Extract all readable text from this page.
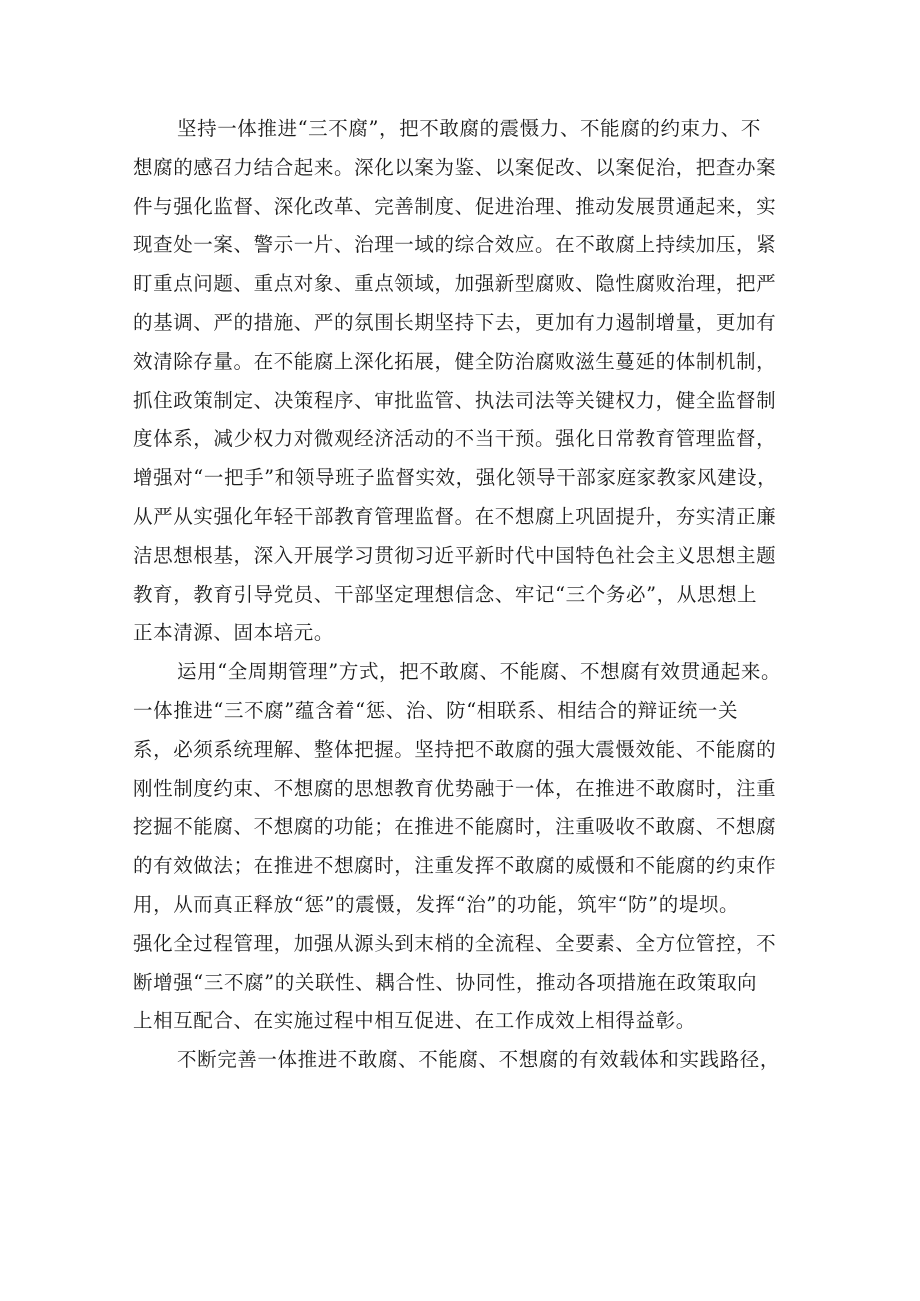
坚持一体推进“三不腐”，把不敢腐的震慑力、不能腐的约束力、不
想腐的感召力结合起来。深化以案为鉴、以案促改、以案促治，把查办案
件与强化监督、深化改革、完善制度、促进治理、推动发展贯通起来，实
现查处一案、警示一片、治理一域的综合效应。在不敢腐上持续加压，紧
盯重点问题、重点对象、重点领域，加强新型腐败、隐性腐败治理，把严
的基调、严的措施、严的氛围长期坚持下去，更加有力遏制增量，更加有
效清除存量。在不能腐上深化拓展，健全防治腐败滋生蔓延的体制机制，
抓住政策制定、决策程序、审批监管、执法司法等关键权力，健全监督制
度体系，减少权力对微观经济活动的不当干预。强化日常教育管理监督，
增强对“一把手”和领导班子监督实效，强化领导干部家庭家教家风建设，
从严从实强化年轻干部教育管理监督。在不想腐上巩固提升，夯实清正廉
洁思想根基，深入开展学习贯彻习近平新时代中国特色社会主义思想主题
教育，教育引导党员、干部坚定理想信念、牢记“三个务必”，从思想上
正本清源、固本培元。
运用“全周期管理”方式，把不敢腐、不能腐、不想腐有效贯通起来。
一体推进“三不腐”蕴含着“惩、治、防“相联系、相结合的辩证统一关
系，必须系统理解、整体把握。坚持把不敢腐的强大震慑效能、不能腐的
刚性制度约束、不想腐的思想教育优势融于一体，在推进不敢腐时，注重
挖掘不能腐、不想腐的功能；在推进不能腐时，注重吸收不敢腐、不想腐
的有效做法；在推进不想腐时，注重发挥不敢腐的威慑和不能腐的约束作
用，从而真正释放“惩”的震慑，发挥“治”的功能，筑牢“防”的堤坝。
强化全过程管理，加强从源头到末梢的全流程、全要素、全方位管控，不
断增强“三不腐”的关联性、耦合性、协同性，推动各项措施在政策取向
上相互配合、在实施过程中相互促进、在工作成效上相得益彰。
不断完善一体推进不敢腐、不能腐、不想腐的有效载体和实践路径，
